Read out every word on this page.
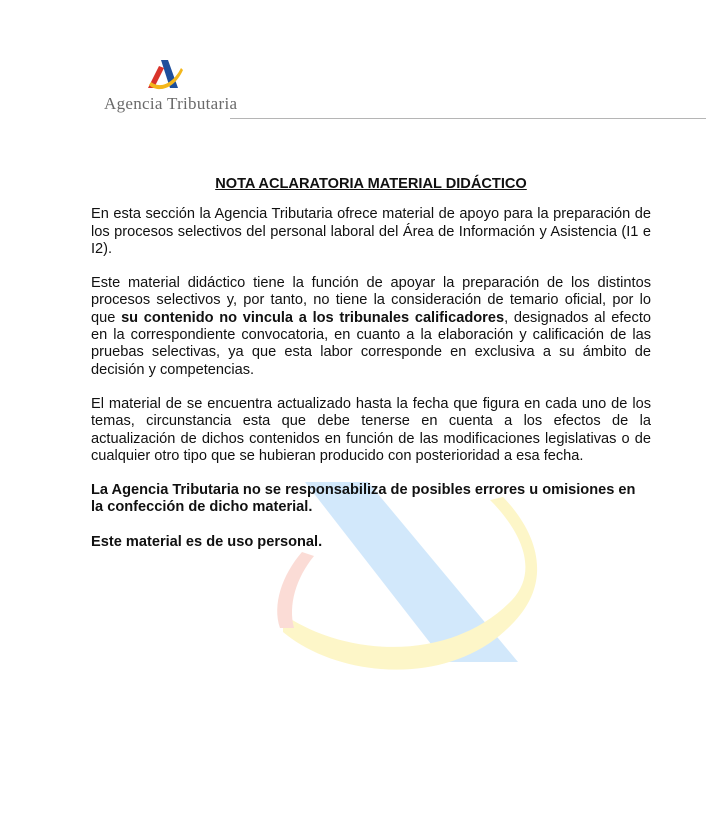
Agencia Tributaria
NOTA ACLARATORIA MATERIAL DIDÁCTICO

En esta sección la Agencia Tributaria ofrece material de apoyo para la preparación de los procesos selectivos del personal laboral del Área de Información y Asistencia (I1 e I2).

Este material didáctico tiene la función de apoyar la preparación de los distintos procesos selectivos y, por tanto, no tiene la consideración de temario oficial, por lo que su contenido no vincula a los tribunales calificadores, designados al efecto en la correspondiente convocatoria, en cuanto a la elaboración y calificación de las pruebas selectivas, ya que esta labor corresponde en exclusiva a su ámbito de decisión y competencias.

El material de se encuentra actualizado hasta la fecha que figura en cada uno de los temas, circunstancia esta que debe tenerse en cuenta a los efectos de la actualización de dichos contenidos en función de las modificaciones legislativas o de cualquier otro tipo que se hubieran producido con posterioridad a esa fecha.

La Agencia Tributaria no se responsabiliza de posibles errores u omisiones en la confección de dicho material.

Este material es de uso personal.
